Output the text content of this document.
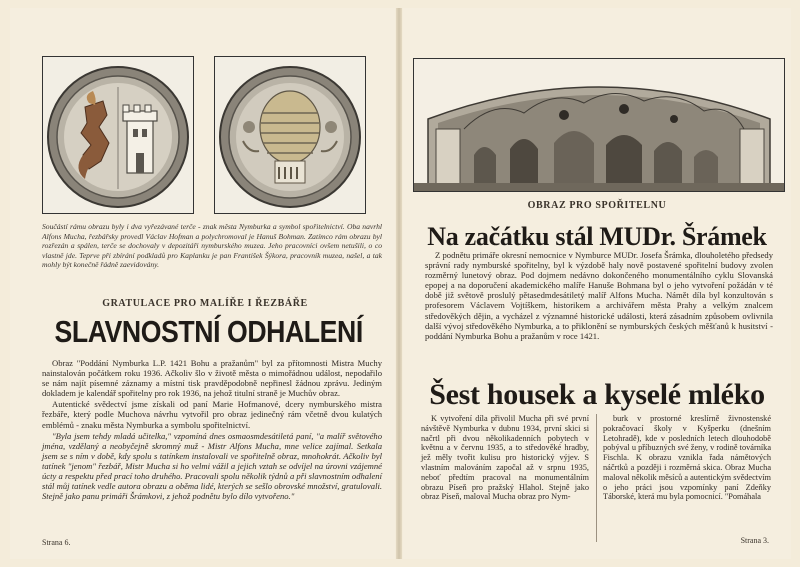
Součástí rámu obrazu byly i dva vyřezávané terče - znak města Nymburka a symbol spořitelnictví. Oba navrhl Alfons Mucha, řezbářsky provedl Václav Hofman a polychromoval je Hanuš Bohman. Zatímco rám obrazu byl rozřezán a spálen, terče se dochovaly v depozitáři nymburského muzea. Jeho pracovníci ovšem netušili, o co vlastně jde. Teprve při zbírání podkladů pro Kaplanku je pan František Šýkora, pracovník muzea, našel, a tak mohly být konečně řádně zaevidovány.
GRATULACE PRO MALÍŘE I ŘEZBÁŘE
SLAVNOSTNÍ ODHALENÍ

Obraz "Poddání Nymburka L.P. 1421 Bohu a pražanům" byl za přítomnosti Mistra Muchy nainstalován počátkem roku 1936. Ačkoliv šlo v životě města o mimořádnou událost, nepodařilo se nám najít písemné záznamy a místní tisk pravděpodobně nepřinesl žádnou zprávu. Jediným dokladem je kalendář spořitelny pro rok 1936, na jehož titulní straně je Muchův obraz.

Autentické svědectví jsme získali od paní Marie Hofmanové, dcery nymburského mistra řezbáře, který podle Muchova návrhu vytvořil pro obraz jedinečný rám včetně dvou kulatých emblémů - znaku města Nymburka a symbolu spořitelnictví.

"Byla jsem tehdy mladá učitelka," vzpomíná dnes osmaosmdesátiletá paní, "a malíř světového jména, vzdělaný a neobyčejně skromný muž - Mistr Alfons Mucha, mne velice zajímal. Setkala jsem se s ním v době, kdy spolu s tatínkem instalovali ve spořitelně obraz, mnohokrát. Ačkoliv byl tatínek "jenom" řezbář, Mistr Mucha si ho velmi vážil a jejich vztah se odvíjel na úrovni vzájemné úcty a respektu před prací toho druhého. Pracovali spolu několik týdnů a při slavnostním odhalení stál můj tatínek vedle autora obrazu a oběma lidé, kterých se sešlo obrovské množství, gratulovali. Stejně jako panu primáři Šrámkovi, z jehož podnětu bylo dílo vytvořeno."

Strana 6.
OBRAZ PRO SPOŘITELNU
Na začátku stál MUDr. Šrámek

Z podnětu primáře okresní nemocnice v Nymburce MUDr. Josefa Šrámka, dlouholetého předsedy správní rady nymburské spořitelny, byl k výzdobě haly nově postavené spořitelní budovy zvolen rozměrný lunetový obraz. Pod dojmem nedávno dokončeného monumentálního cyklu Slovanská epopej a na doporučení akademického malíře Hanuše Bohmana byl o jeho vytvoření požádán v té době již světově proslulý pětasedmdesátiletý malíř Alfons Mucha. Námět díla byl konzultován s profesorem Václavem Vojtíškem, historikem a archivářem města Prahy a velkým znalcem středověkých dějin, a vycházel z významné historické události, která zásadním způsobem ovlivnila další vývoj středověkého Nymburka, a to přiklonění se nymburských českých měšťanů k husitství - poddání Nymburka Bohu a pražanům v roce 1421.

Šest housek a kyselé mléko

K vytvoření díla přivolil Mucha při své první návštěvě Nymburka v dubnu 1934, první skici si načrtl při dvou několikadenních pobytech v květnu a v červnu 1935, a to středověké hradby, jež měly tvořit kulisu pro historický výjev. S vlastním malováním započal až v srpnu 1935, neboť předtím pracoval na monumentálním obrazu Píseň pro pražský Hlahol. Stejně jako obraz Píseň, maloval Mucha obraz pro Nym-

burk v prostorné kreslírně živnostenské pokračovací školy v Kyšperku (dnešním Letohradě), kde v posledních letech dlouhodobě pobýval u příbuzných své ženy, v rodině továrníka Fischla. K obrazu vznikla řada námětových náčrtků a později i rozměrná skica. Obraz Mucha maloval několik měsíců a autentickým svědectvím o jeho práci jsou vzpomínky paní Zdeňky Táborské, která mu byla pomocnicí. "Pomáhala

Strana 3.
